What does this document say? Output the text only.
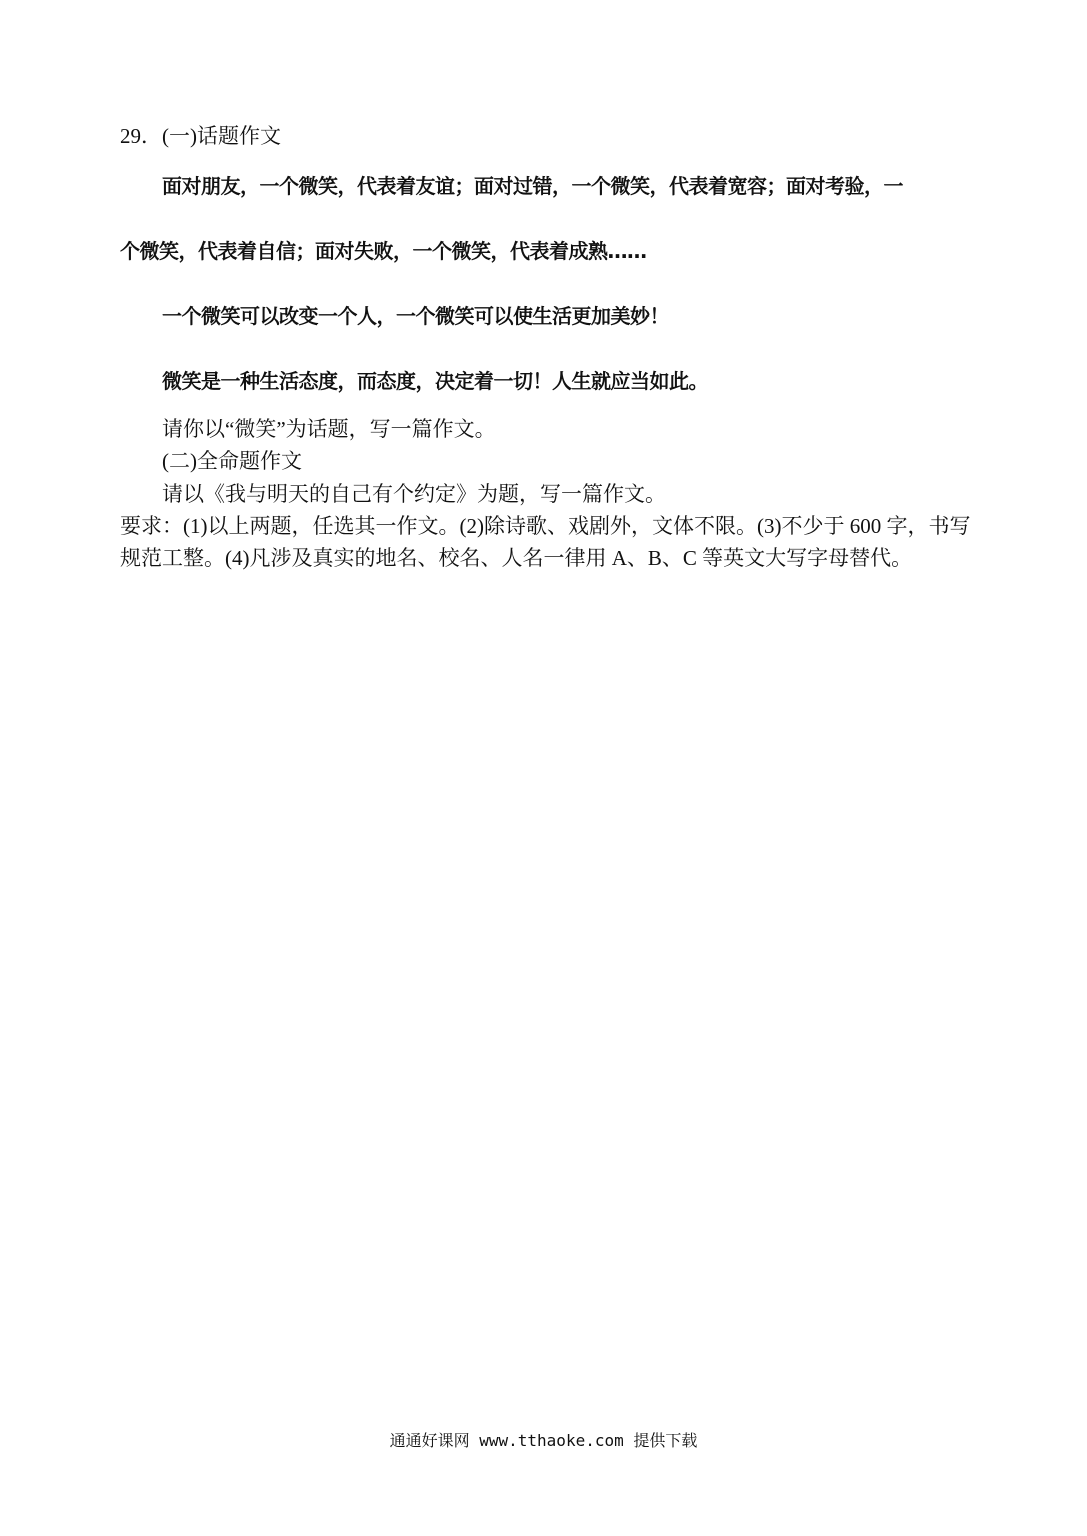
29．(一)话题作文
面对朋友，一个微笑，代表着友谊；面对过错，一个微笑，代表着宽容；面对考验，一
个微笑，代表着自信；面对失败，一个微笑，代表着成熟……
一个微笑可以改变一个人，一个微笑可以使生活更加美妙！
微笑是一种生活态度，而态度，决定着一切！人生就应当如此。
请你以“微笑”为话题，写一篇作文。
(二)全命题作文
请以《我与明天的自己有个约定》为题，写一篇作文。
要求：(1)以上两题，任选其一作文。(2)除诗歌、戏剧外，文体不限。(3)不少于 600 字，书写
规范工整。(4)凡涉及真实的地名、校名、人名一律用 A、B、C 等英文大写字母替代。
通通好课网 www.tthaoke.com 提供下载
